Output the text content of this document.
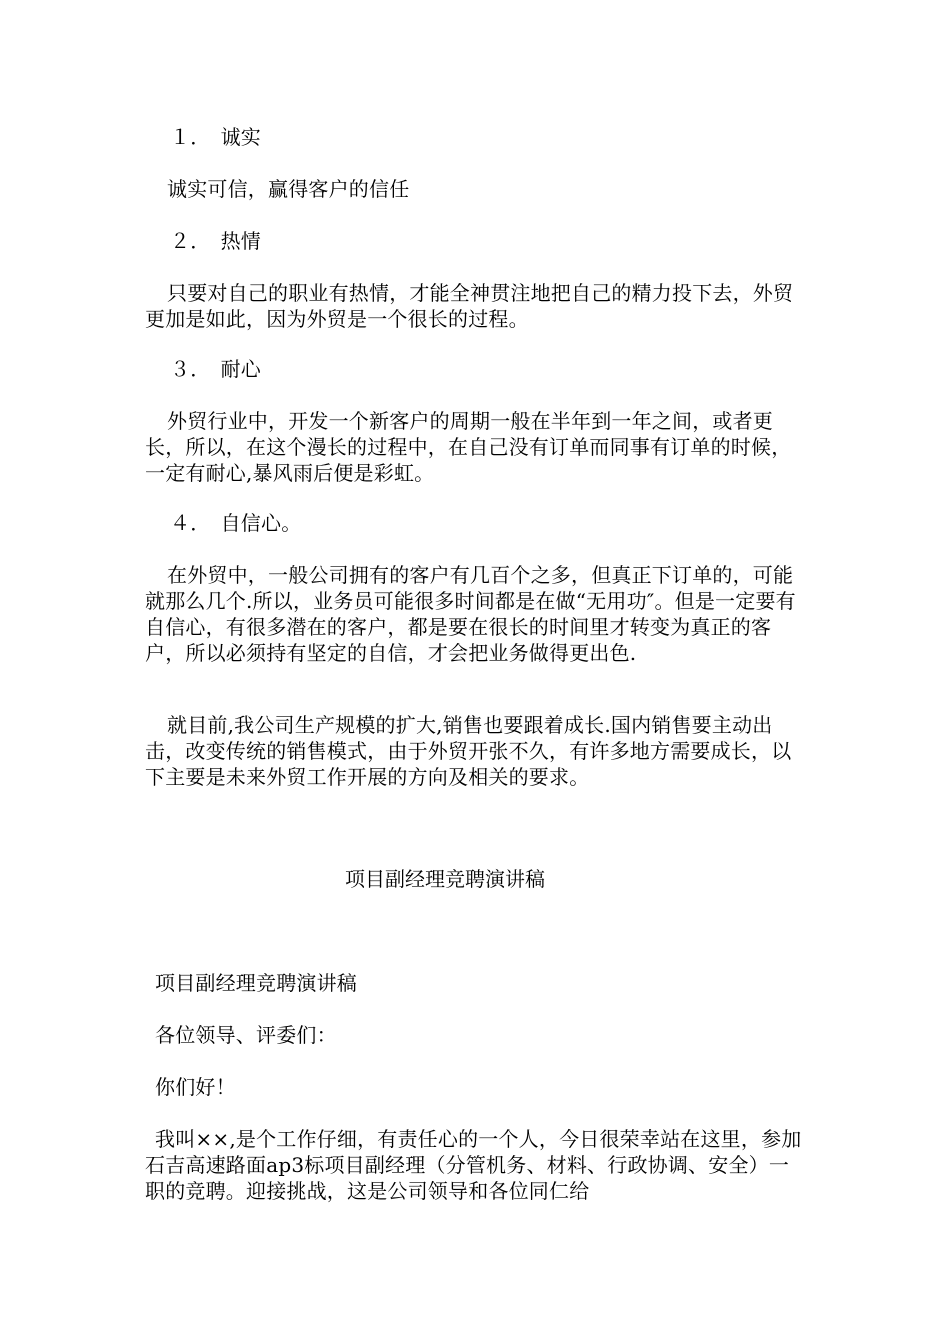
１．　诚实
诚实可信，赢得客户的信任
２．　热情
只要对自己的职业有热情，才能全神贯注地把自己的精力投下去，外贸更加是如此，因为外贸是一个很长的过程。
３．　耐心
外贸行业中，开发一个新客户的周期一般在半年到一年之间，或者更长，所以，在这个漫长的过程中，在自己没有订单而同事有订单的时候，一定有耐心,暴风雨后便是彩虹。
４．　自信心。
在外贸中，一般公司拥有的客户有几百个之多，但真正下订单的，可能就那么几个.所以，业务员可能很多时间都是在做“无用功″。但是一定要有自信心，有很多潜在的客户，都是要在很长的时间里才转变为真正的客户，所以必须持有坚定的自信，才会把业务做得更出色.
就目前,我公司生产规模的扩大,销售也要跟着成长.国内销售要主动出击，改变传统的销售模式，由于外贸开张不久，有许多地方需要成长，以下主要是未来外贸工作开展的方向及相关的要求。
项目副经理竞聘演讲稿
项目副经理竞聘演讲稿
各位领导、评委们：
你们好！
我叫××,是个工作仔细，有责任心的一个人，今日很荣幸站在这里，参加石吉高速路面ap3标项目副经理（分管机务、材料、行政协调、安全）一职的竞聘。迎接挑战，这是公司领导和各位同仁给
